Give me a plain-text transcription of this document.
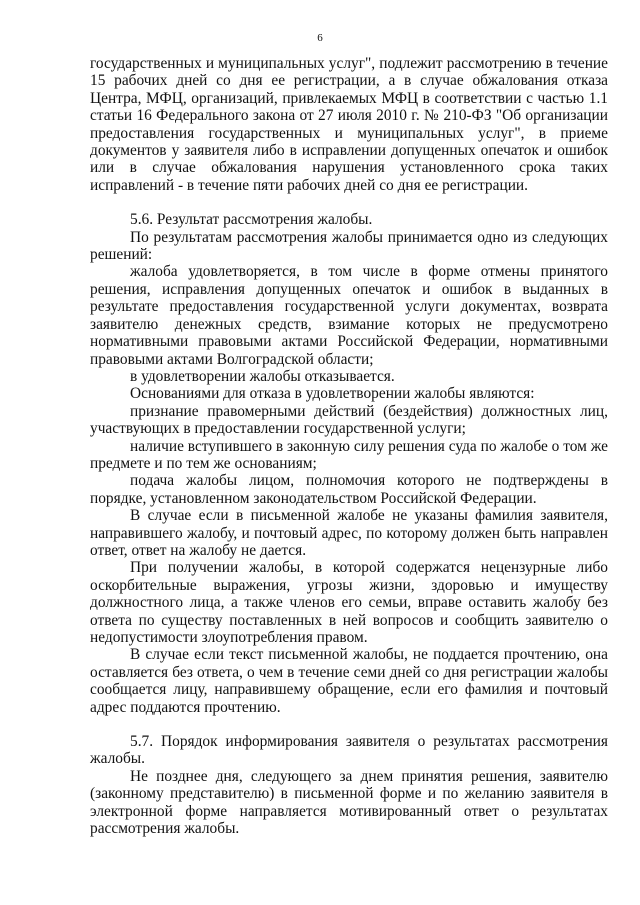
6

государственных и муниципальных услуг", подлежит рассмотрению в течение 15 рабочих дней со дня ее регистрации, а в случае обжалования отказа Центра, МФЦ, организаций, привлекаемых МФЦ в соответствии с частью 1.1 статьи 16 Федерального закона от 27 июля 2010 г. № 210-ФЗ "Об организации предоставления государственных и муниципальных услуг", в приеме документов у заявителя либо в исправлении допущенных опечаток и ошибок или в случае обжалования нарушения установленного срока таких исправлений - в течение пяти рабочих дней со дня ее регистрации.

5.6. Результат рассмотрения жалобы.

По результатам рассмотрения жалобы принимается одно из следующих решений:

жалоба удовлетворяется, в том числе в форме отмены принятого решения, исправления допущенных опечаток и ошибок в выданных в результате предоставления государственной услуги документах, возврата заявителю денежных средств, взимание которых не предусмотрено нормативными правовыми актами Российской Федерации, нормативными правовыми актами Волгоградской области;

в удовлетворении жалобы отказывается.

Основаниями для отказа в удовлетворении жалобы являются:

признание правомерными действий (бездействия) должностных лиц, участвующих в предоставлении государственной услуги;

наличие вступившего в законную силу решения суда по жалобе о том же предмете и по тем же основаниям;

подача жалобы лицом, полномочия которого не подтверждены в порядке, установленном законодательством Российской Федерации.

В случае если в письменной жалобе не указаны фамилия заявителя, направившего жалобу, и почтовый адрес, по которому должен быть направлен ответ, ответ на жалобу не дается.

При получении жалобы, в которой содержатся нецензурные либо оскорбительные выражения, угрозы жизни, здоровью и имуществу должностного лица, а также членов его семьи, вправе оставить жалобу без ответа по существу поставленных в ней вопросов и сообщить заявителю о недопустимости злоупотребления правом.

В случае если текст письменной жалобы, не поддается прочтению, она оставляется без ответа, о чем в течение семи дней со дня регистрации жалобы сообщается лицу, направившему обращение, если его фамилия и почтовый адрес поддаются прочтению.

5.7. Порядок информирования заявителя о результатах рассмотрения жалобы.

Не позднее дня, следующего за днем принятия решения, заявителю (законному представителю) в письменной форме и по желанию заявителя в электронной форме направляется мотивированный ответ о результатах рассмотрения жалобы.
